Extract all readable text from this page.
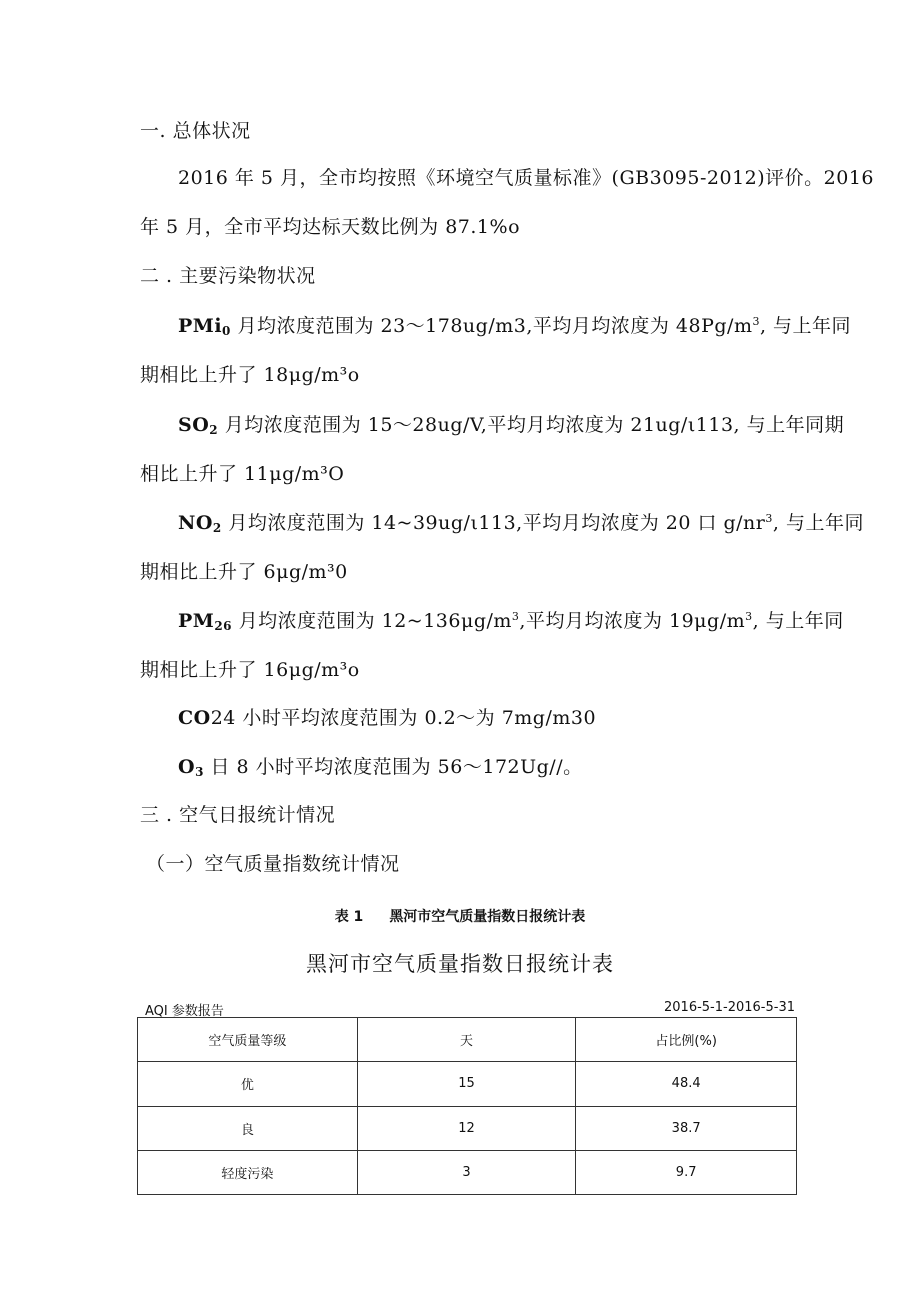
一. 总体状况
2016 年 5 月，全市均按照《环境空气质量标准》(GB3095-2012)评价。2016
年 5 月，全市平均达标天数比例为 87.1%o
二 . 主要污染物状况
PMi$_0$ 月均浓度范围为 23～178ug∕m3,平均月均浓度为 $48Pg/m^3$, 与上年同
期相比上升了 18μg∕m³o
$SO_2$ 月均浓度范围为 15～28ug/V,平均月均浓度为 21ug∕ι113, 与上年同期
相比上升了 11μg∕m³O
$NO_2$ 月均浓度范围为 14~39ug∕ι113,平均月均浓度为 20 口 $g/nr^3$, 与上年同
期相比上升了 6μg∕m³0
$PM_{26}$ 月均浓度范围为 $12\sim 136\mu g∕m^3$,平均月均浓度为 $19\mu g/m^3$, 与上年同
期相比上升了 16μg∕m³o
CO24 小时平均浓度范围为 0.2～为 7mg∕m30
$O_3$ 日 8 小时平均浓度范围为 56～172Ug//。
三 . 空气日报统计情况
（一）空气质量指数统计情况
表 1 黑河市空气质量指数日报统计表
黑河市空气质量指数日报统计表
AQI 参数报告	2016-5-1-2016-5-31
空气质量等级	天	占比例(%)
优	15	48.4
良	12	38.7
轻度污染	3	9.7
